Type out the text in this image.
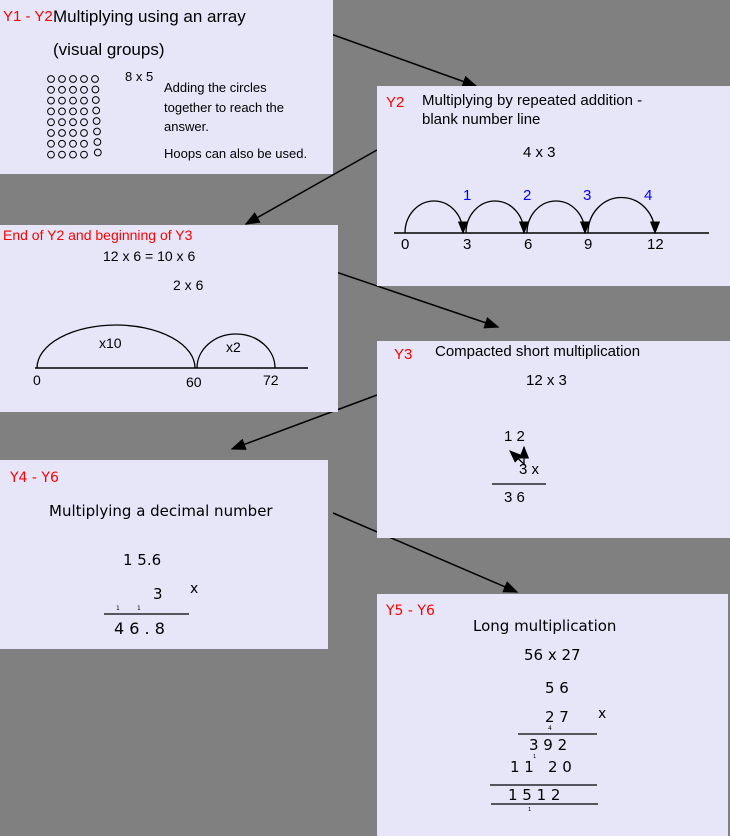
Y1 - Y2 Multiplying using an array
(visual groups)
8 x 5
Adding the circles
together to reach the
answer.
Hoops can also be used.
Y2 Multiplying by repeated addition -
blank number line
4 x 3
1	2	3	4
0	3	6	9	12
End of Y2 and beginning of Y3
12 x 6 = 10 x 6
2 x 6
x10	x2
0	60	72
Y3 Compacted short multiplication
12 x 3
1 2
3 x
3 6
Y4 - Y6
Multiplying a decimal number
1 5.6
3 x
1	1
4 6 . 8
Y5 - Y6
Long multiplication
56 x 27
5 6
2 7 x
4
3 9 2
1 1
1
2 0
1 5 1 2
1
